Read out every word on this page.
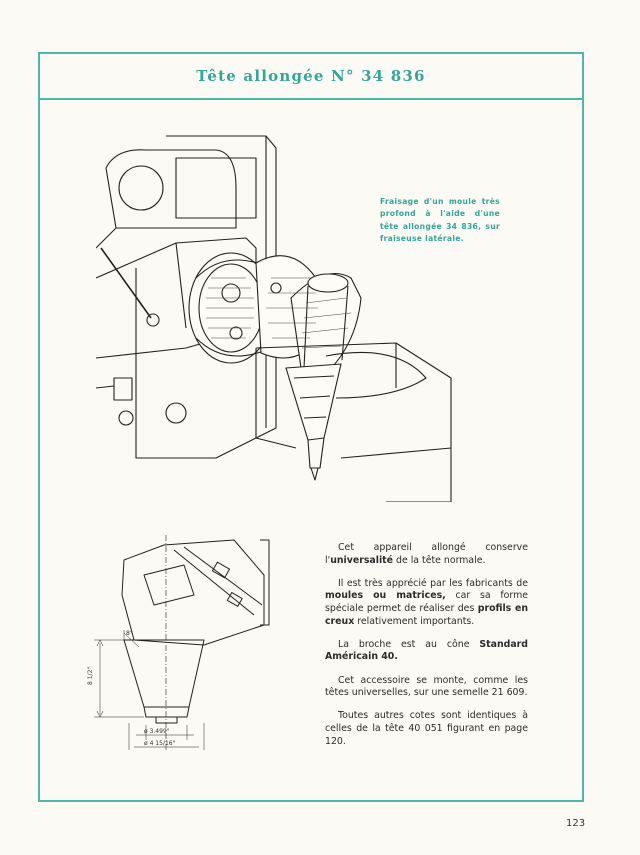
Tête allongée N° 34 836
Fraisage d'un moule très profond à l'aide d'une tête allongée 34 836, sur fraiseuse latérale.
8°
8 1/2"
ø 3.499"
ø 4 15/16"

Cet appareil allongé conserve l'universalité de la tête normale.

Il est très apprécié par les fabricants de moules ou matrices, car sa forme spéciale permet de réaliser des profils en creux relativement importants.

La broche est au cône Standard Américain 40.

Cet accessoire se monte, comme les têtes universelles, sur une semelle 21 609.

Toutes autres cotes sont identiques à celles de la tête 40 051 figurant en page 120.

123
